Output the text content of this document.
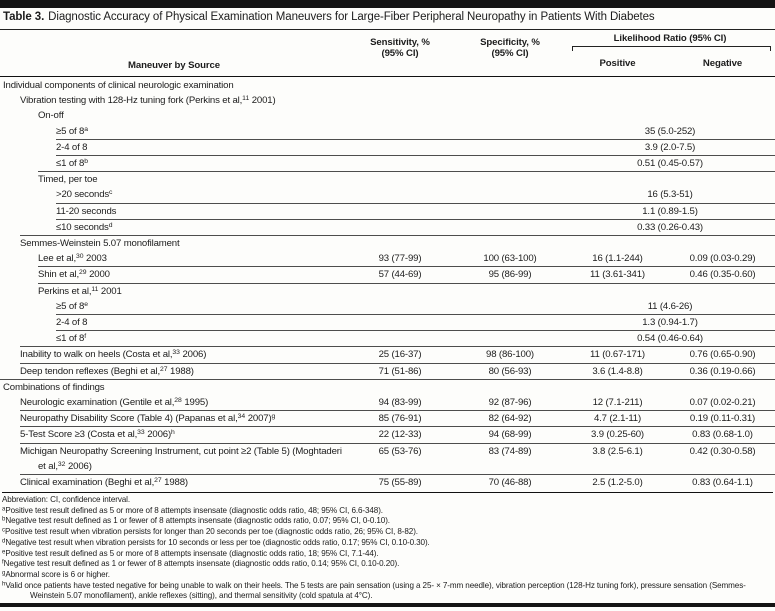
Table 3. Diagnostic Accuracy of Physical Examination Maneuvers for Large-Fiber Peripheral Neuropathy in Patients With Diabetes
Maneuver by Source
Sensitivity, %
(95% CI)
Specificity, %
(95% CI)
Likelihood Ratio (95% CI)
Positive	Negative
Individual components of clinical neurologic examination
Vibration testing with 128-Hz tuning fork (Perkins et al,$^{11}$ 2001)
On-off
≥5 of 8$^a$	35 (5.0-252)
2-4 of 8	3.9 (2.0-7.5)
≤1 of 8$^b$	0.51 (0.45-0.57)
Timed, per toe
>20 seconds$^c$	16 (5.3-51)
11-20 seconds	1.1 (0.89-1.5)
≤10 seconds$^d$	0.33 (0.26-0.43)
Semmes-Weinstein 5.07 monofilament
Lee et al,$^{30}$ 2003	93 (77-99)	100 (63-100)	16 (1.1-244)	0.09 (0.03-0.29)
Shin et al,$^{29}$ 2000	57 (44-69)	95 (86-99)	11 (3.61-341)	0.46 (0.35-0.60)
Perkins et al,$^{11}$ 2001
≥5 of 8e	11 (4.6-26)
2-4 of 8	1.3 (0.94-1.7)
≤1 of 8$^f$	0.54 (0.46-0.64)
Inability to walk on heels (Costa et al,$^{33}$ 2006)	25 (16-37)	98 (86-100)	11 (0.67-171)	0.76 (0.65-0.90)
Deep tendon reflexes (Beghi et al,$^{27}$ 1988)	71 (51-86)	80 (56-93)	3.6 (1.4-8.8)	0.36 (0.19-0.66)
Combinations of findings
Neurologic examination (Gentile et al,$^{28}$ 1995)	94 (83-99)	92 (87-96)	12 (7.1-211)	0.07 (0.02-0.21)
Neuropathy Disability Score (Table 4) (Papanas et al,$^{34}$ 2007)$^g$	85 (76-91)	82 (64-92)	4.7 (2.1-11)	0.19 (0.11-0.31)
5-Test Score ≥3 (Costa et al,$^{33}$ 2006)$^h$	22 (12-33)	94 (68-99)	3.9 (0.25-60)	0.83 (0.68-1.0)
Michigan Neuropathy Screening Instrument, cut point ≥2 (Table 5) (Moghtaderi et al,$^{32}$ 2006)
65 (53-76)	83 (74-89)	3.8 (2.5-6.1)	0.42 (0.30-0.58)
Clinical examination (Beghi et al,$^{27}$ 1988)	75 (55-89)	70 (46-88)	2.5 (1.2-5.0)	0.83 (0.64-1.1)
Abbreviation: CI, confidence interval.
$^a$Positive test result defined as 5 or more of 8 attempts insensate (diagnostic odds ratio, 48; 95% CI, 6.6-348).
$^b$Negative test result defined as 1 or fewer of 8 attempts insensate (diagnostic odds ratio, 0.07; 95% CI, 0-0.10).
$^c$Positive test result when vibration persists for longer than 20 seconds per toe (diagnostic odds ratio, 26; 95% CI, 8-82).
$^d$Negative test result when vibration persists for 10 seconds or less per toe (diagnostic odds ratio, 0.17; 95% CI, 0.10-0.30).
$^e$Positive test result defined as 5 or more of 8 attempts insensate (diagnostic odds ratio, 18; 95% CI, 7.1-44).
$^f$Negative test result defined as 1 or fewer of 8 attempts insensate (diagnostic odds ratio, 0.14; 95% CI, 0.10-0.20).
$^g$Abnormal score is 6 or higher.
$^h$Valid once patients have tested negative for being unable to walk on their heels. The 5 tests are pain sensation (using a 25- × 7-mm needle), vibration perception (128-Hz tuning fork), pressure sensation (Semmes-Weinstein 5.07 monofilament), ankle reflexes (sitting), and thermal sensitivity (cold spatula at 4°C).
